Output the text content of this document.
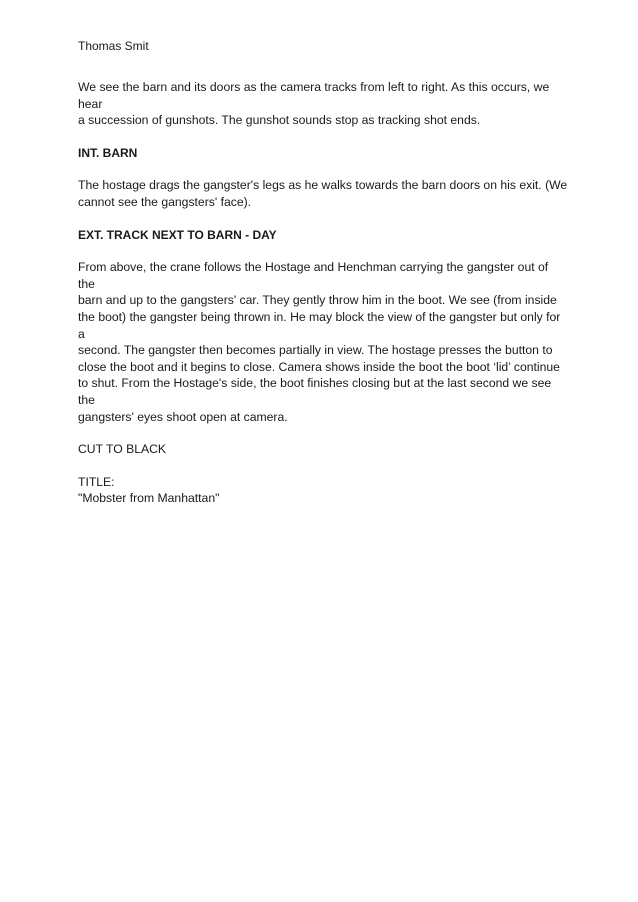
Thomas Smit

We see the barn and its doors as the camera tracks from left to right. As this occurs, we hear
a succession of gunshots. The gunshot sounds stop as tracking shot ends.

INT. BARN

The hostage drags the gangster's legs as he walks towards the barn doors on his exit. (We
cannot see the gangsters' face).

EXT. TRACK NEXT TO BARN - DAY

From above, the crane follows the Hostage and Henchman carrying the gangster out of the
barn and up to the gangsters' car. They gently throw him in the boot. We see (from inside
the boot) the gangster being thrown in. He may block the view of the gangster but only for a
second. The gangster then becomes partially in view. The hostage presses the button to
close the boot and it begins to close. Camera shows inside the boot the boot ‘lid’ continue
to shut. From the Hostage's side, the boot finishes closing but at the last second we see the
gangsters' eyes shoot open at camera.

CUT TO BLACK

TITLE:
"Mobster from Manhattan"
